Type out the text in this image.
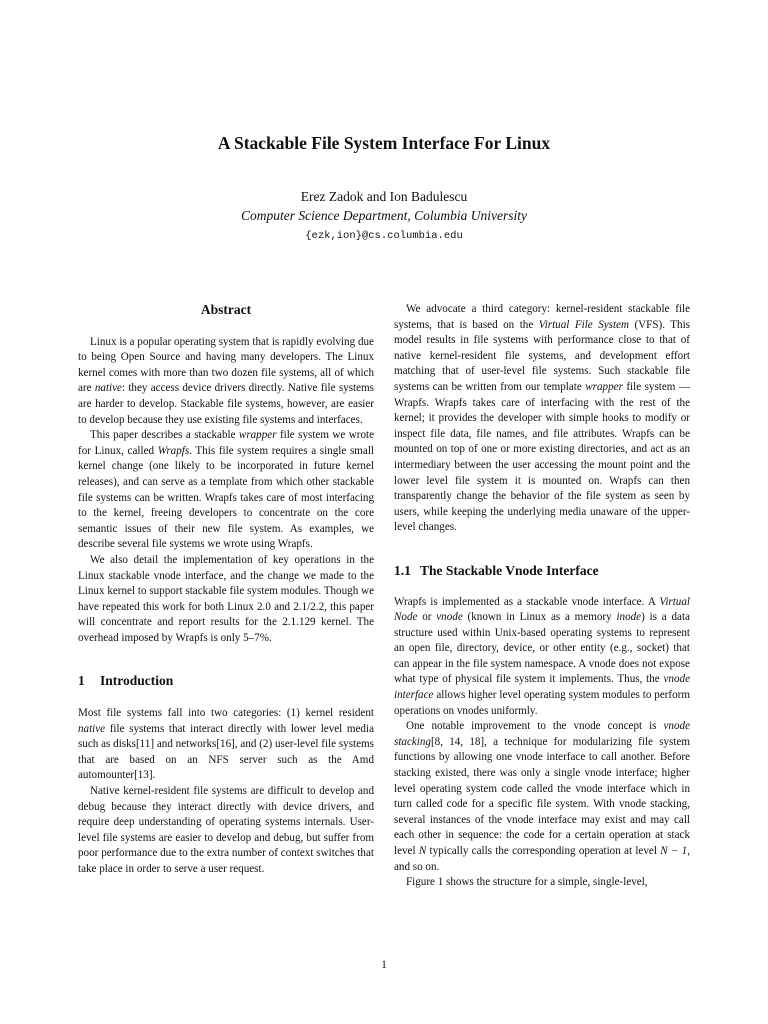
A Stackable File System Interface For Linux
Erez Zadok and Ion Badulescu
Computer Science Department, Columbia University
{ezk,ion}@cs.columbia.edu
Abstract

Linux is a popular operating system that is rapidly evolving due to being Open Source and having many developers. The Linux kernel comes with more than two dozen file systems, all of which are native: they access device drivers directly. Native file systems are harder to develop. Stackable file systems, however, are easier to develop because they use existing file systems and interfaces.

This paper describes a stackable wrapper file system we wrote for Linux, called Wrapfs. This file system requires a single small kernel change (one likely to be incorporated in future kernel releases), and can serve as a template from which other stackable file systems can be written. Wrapfs takes care of most interfacing to the kernel, freeing developers to concentrate on the core semantic issues of their new file system. As examples, we describe several file systems we wrote using Wrapfs.

We also detail the implementation of key operations in the Linux stackable vnode interface, and the change we made to the Linux kernel to support stackable file system modules. Though we have repeated this work for both Linux 2.0 and 2.1/2.2, this paper will concentrate and report results for the 2.1.129 kernel. The overhead imposed by Wrapfs is only 5–7%.

1 Introduction

Most file systems fall into two categories: (1) kernel resident native file systems that interact directly with lower level media such as disks[11] and networks[16], and (2) user-level file systems that are based on an NFS server such as the Amd automounter[13].

Native kernel-resident file systems are difficult to develop and debug because they interact directly with device drivers, and require deep understanding of operating systems internals. User-level file systems are easier to develop and debug, but suffer from poor performance due to the extra number of context switches that take place in order to serve a user request.

We advocate a third category: kernel-resident stackable file systems, that is based on the Virtual File System (VFS). This model results in file systems with performance close to that of native kernel-resident file systems, and development effort matching that of user-level file systems. Such stackable file systems can be written from our template wrapper file system — Wrapfs. Wrapfs takes care of interfacing with the rest of the kernel; it provides the developer with simple hooks to modify or inspect file data, file names, and file attributes. Wrapfs can be mounted on top of one or more existing directories, and act as an intermediary between the user accessing the mount point and the lower level file system it is mounted on. Wrapfs can then transparently change the behavior of the file system as seen by users, while keeping the underlying media unaware of the upper-level changes.

1.1 The Stackable Vnode Interface

Wrapfs is implemented as a stackable vnode interface. A Virtual Node or vnode (known in Linux as a memory inode) is a data structure used within Unix-based operating systems to represent an open file, directory, device, or other entity (e.g., socket) that can appear in the file system namespace. A vnode does not expose what type of physical file system it implements. Thus, the vnode interface allows higher level operating system modules to perform operations on vnodes uniformly.

One notable improvement to the vnode concept is vnode stacking[8, 14, 18], a technique for modularizing file system functions by allowing one vnode interface to call another. Before stacking existed, there was only a single vnode interface; higher level operating system code called the vnode interface which in turn called code for a specific file system. With vnode stacking, several instances of the vnode interface may exist and may call each other in sequence: the code for a certain operation at stack level N typically calls the corresponding operation at level N − 1, and so on.

Figure 1 shows the structure for a simple, single-level,

1
